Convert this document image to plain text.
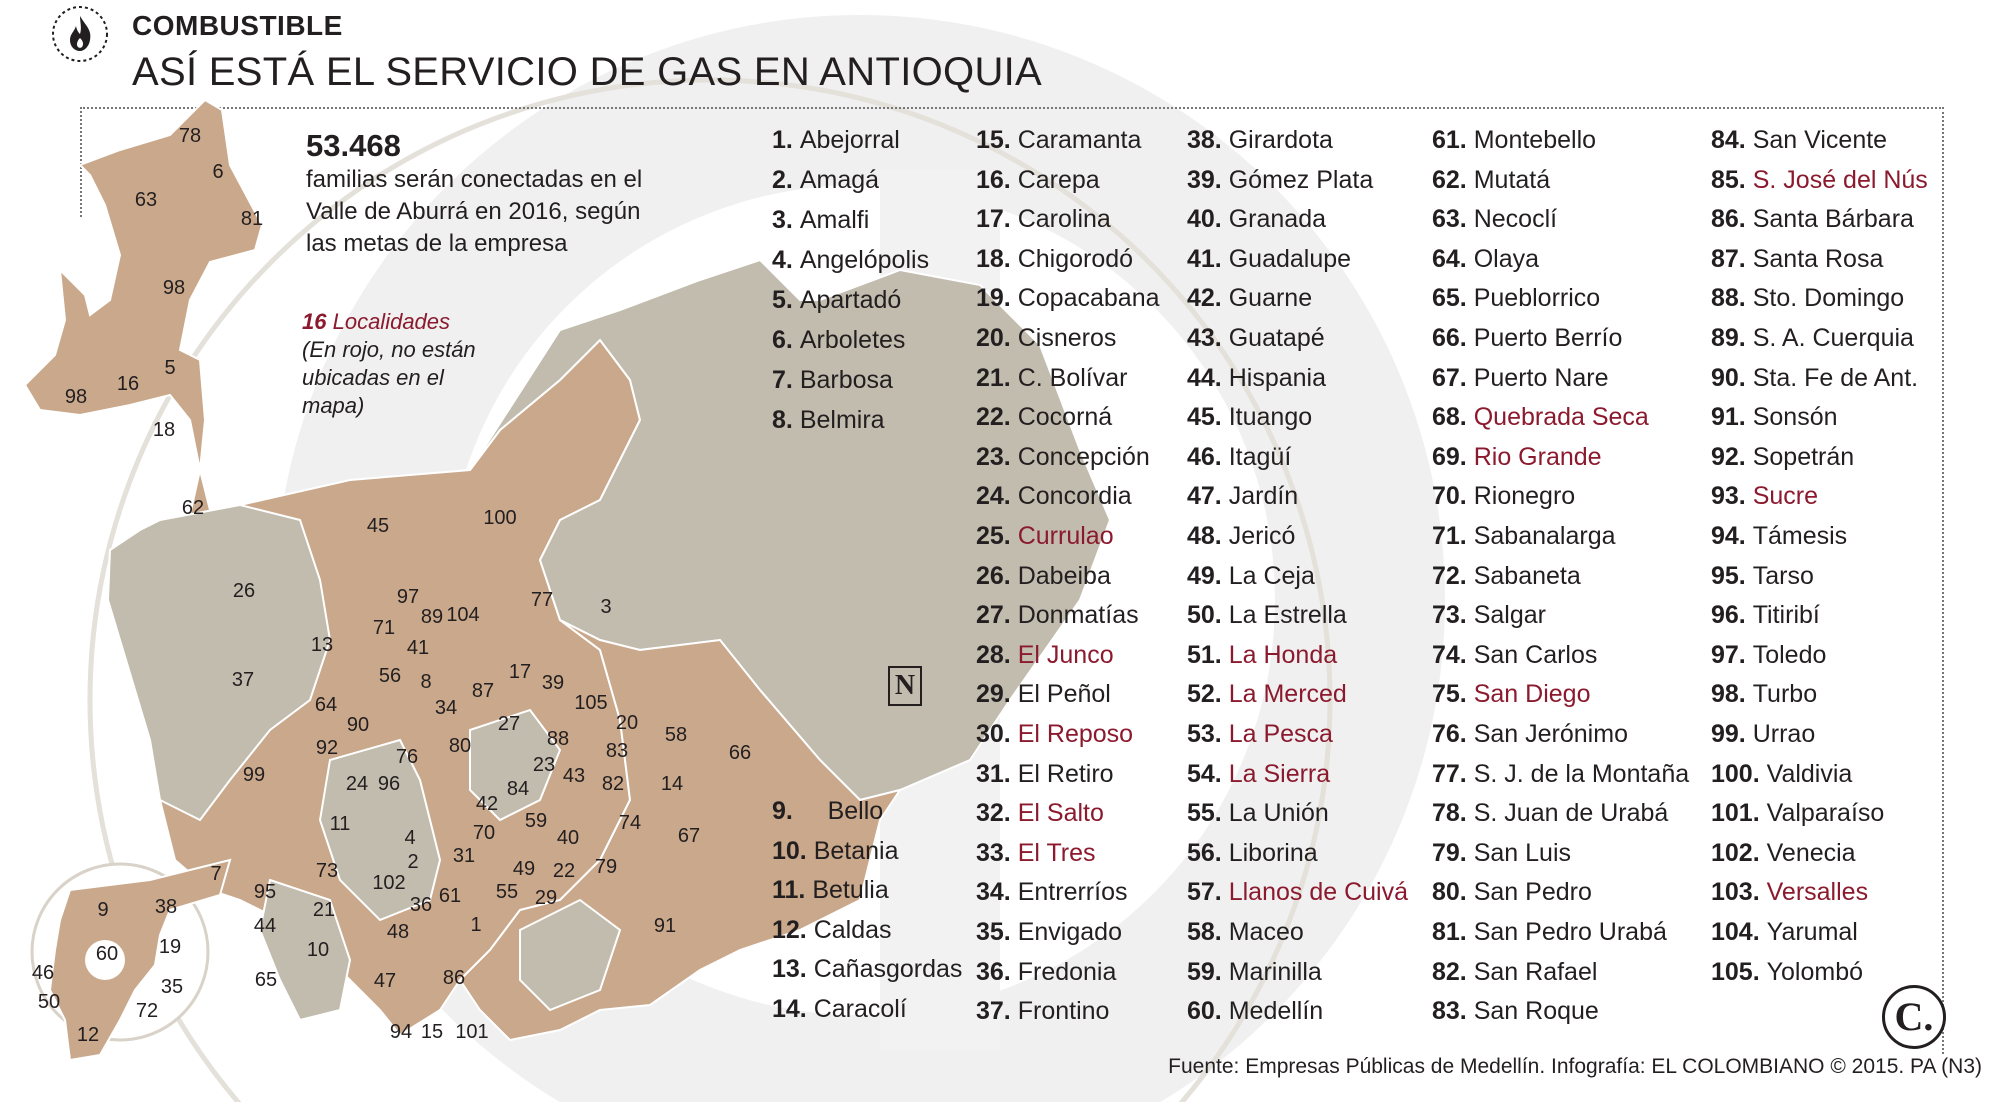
COMBUSTIBLE
ASÍ ESTÁ EL SERVICIO DE GAS EN ANTIOQUIA
78
6
63
81
98
5
98
16
18
62
45	100
26
3
97
89 104
71
77
41
13
56 8	17 39
37
34
87
64
90
105
20
92	76 80
27
88	58
83	66
99	23 43
24 96	84	82 14
11
42
70
59
40
74
67
4
31
49 22 79
73	2
55 29
7
9 38
95	102
36 61
19
1
60
21
44	48	91
10
46
35	65	47 86
50	72
12	94 15 101
53.468
familias serán conectadas en el Valle de Aburrá en 2016, según las metas de la empresa
16 Localidades
(En rojo, no están ubicadas en el mapa)
N
1. Abejorral
2. Amagá
3. Amalfi
4. Angelópolis
5. Apartadó
6. Arboletes
7. Barbosa
8. Belmira
9. Bello
10. Betania
11. Betulia
12. Caldas
13. Cañasgordas
14. Caracolí
15. Caramanta
16. Carepa
17. Carolina
18. Chigorodó
19. Copacabana
20. Cisneros
21. C. Bolívar
22. Cocorná
23. Concepción
24. Concordia
25. Currulao
26. Dabeiba
27. Donmatías
28. El Junco
29. El Peñol
30. El Reposo
31. El Retiro
32. El Salto
33. El Tres
34. Entrerríos
35. Envigado
36. Fredonia
37. Frontino
38. Girardota
39. Gómez Plata
40. Granada
41. Guadalupe
42. Guarne
43. Guatapé
44. Hispania
45. Ituango
46. Itagüí
47. Jardín
48. Jericó
49. La Ceja
50. La Estrella
51. La Honda
52. La Merced
53. La Pesca
54. La Sierra
55. La Unión
56. Liborina
57. Llanos de Cuivá
58. Maceo
59. Marinilla
60. Medellín
61. Montebello
62. Mutatá
63. Necoclí
64. Olaya
65. Pueblorrico
66. Puerto Berrío
67. Puerto Nare
68. Quebrada Seca
69. Rio Grande
70. Rionegro
71. Sabanalarga
72. Sabaneta
73. Salgar
74. San Carlos
75. San Diego
76. San Jerónimo
77. S. J. de la Montaña
78. S. Juan de Urabá
79. San Luis
80. San Pedro
81. San Pedro Urabá
82. San Rafael
83. San Roque
84. San Vicente
85. S. José del Nús
86. Santa Bárbara
87. Santa Rosa
88. Sto. Domingo
89. S. A. Cuerquia
90. Sta. Fe de Ant.
91. Sonsón
92. Sopetrán
93. Sucre
94. Támesis
95. Tarso
96. Titiribí
97. Toledo
98. Turbo
99. Urrao
100. Valdivia
101. Valparaíso
102. Venecia
103. Versalles
104. Yarumal
105. Yolombó
Fuente: Empresas Públicas de Medellín. Infografía: EL COLOMBIANO © 2015. PA (N3)
C.
